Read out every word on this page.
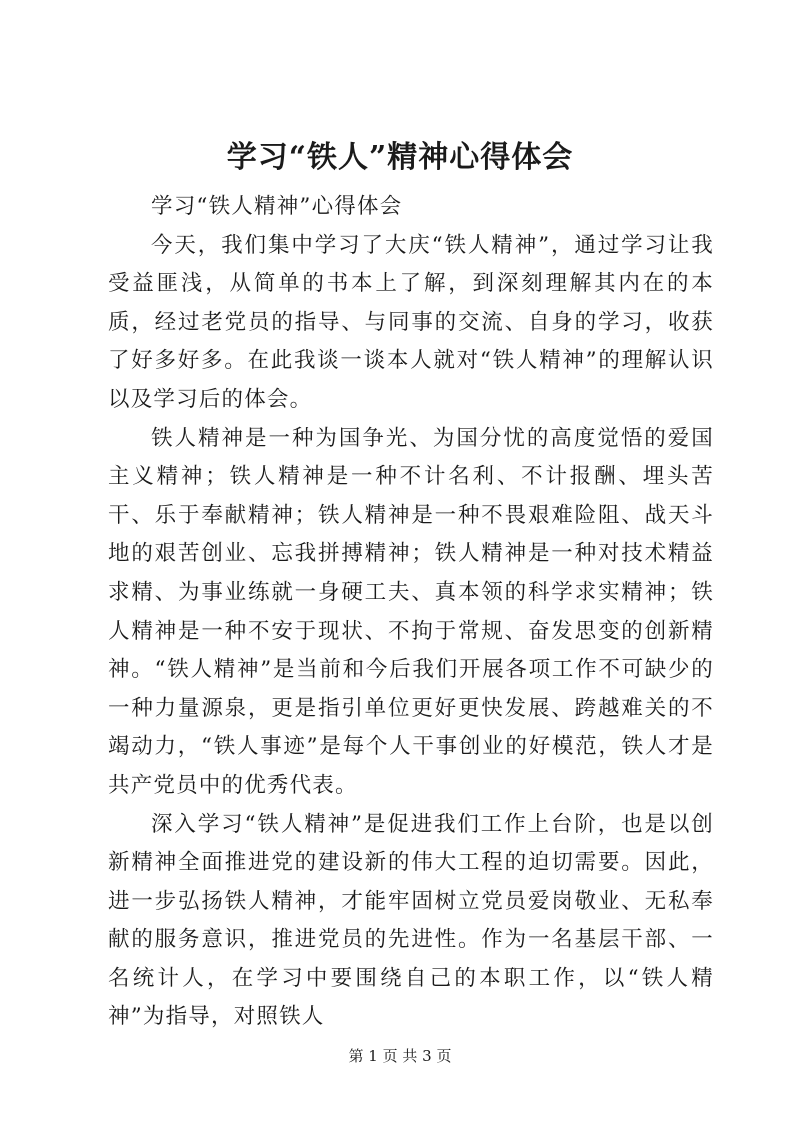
学习“铁人”精神心得体会

学习“铁人精神”心得体会

今天，我们集中学习了大庆“铁人精神”，通过学习让我受益匪浅，从简单的书本上了解，到深刻理解其内在的本质，经过老党员的指导、与同事的交流、自身的学习，收获了好多好多。在此我谈一谈本人就对“铁人精神”的理解认识以及学习后的体会。

铁人精神是一种为国争光、为国分忧的高度觉悟的爱国主义精神；铁人精神是一种不计名利、不计报酬、埋头苦干、乐于奉献精神；铁人精神是一种不畏艰难险阻、战天斗地的艰苦创业、忘我拼搏精神；铁人精神是一种对技术精益求精、为事业练就一身硬工夫、真本领的科学求实精神；铁人精神是一种不安于现状、不拘于常规、奋发思变的创新精神。“铁人精神”是当前和今后我们开展各项工作不可缺少的一种力量源泉，更是指引单位更好更快发展、跨越难关的不竭动力，“铁人事迹”是每个人干事创业的好模范，铁人才是共产党员中的优秀代表。

深入学习“铁人精神”是促进我们工作上台阶，也是以创新精神全面推进党的建设新的伟大工程的迫切需要。因此，进一步弘扬铁人精神，才能牢固树立党员爱岗敬业、无私奉献的服务意识，推进党员的先进性。作为一名基层干部、一名统计人，在学习中要围绕自己的本职工作，以“铁人精神”为指导，对照铁人

第 1 页 共 3 页
